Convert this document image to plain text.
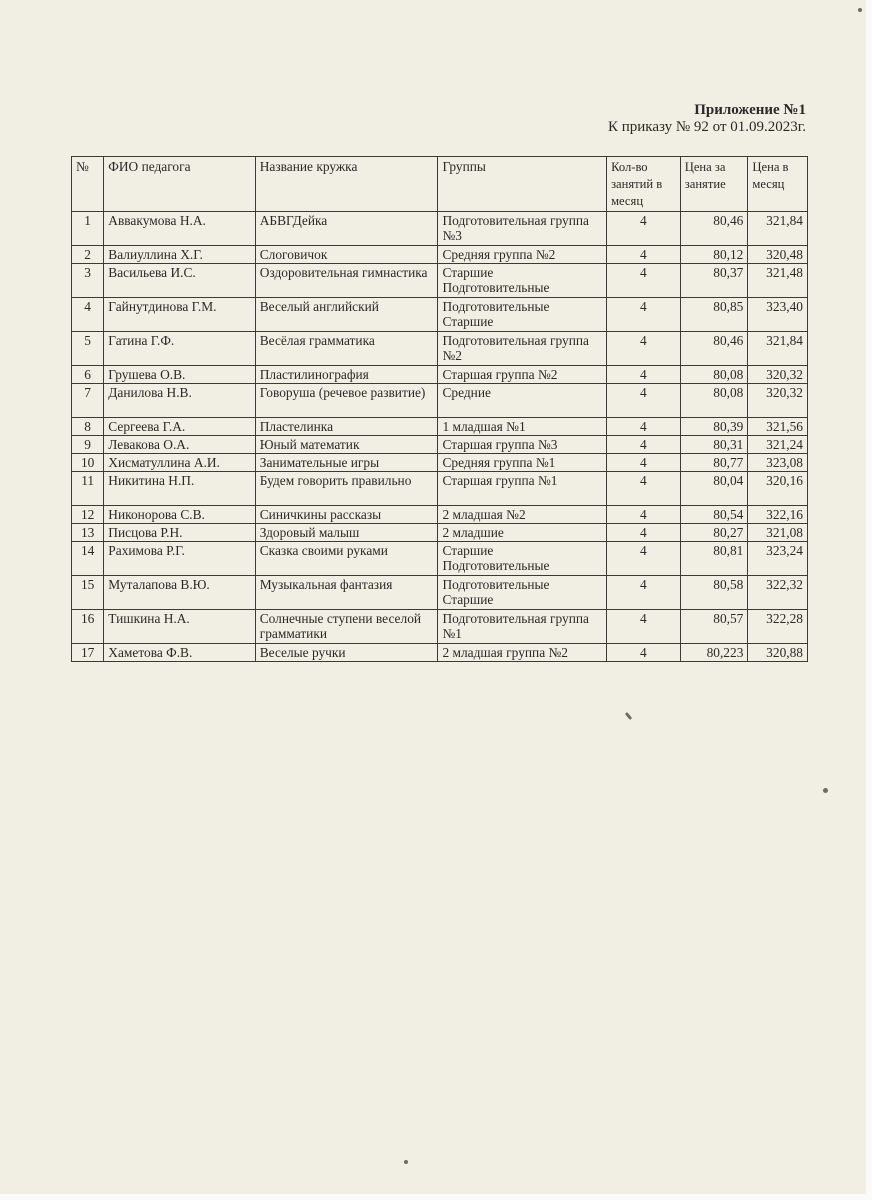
Приложение №1
К приказу № 92 от 01.09.2023г.
№	ФИО педагога	Название кружка	Группы	Кол-во занятий в месяц	Цена за занятие	Цена в месяц
1	Аввакумова Н.А.	АБВГДейка	Подготовительная группа №3	4	80,46	321,84
2	Валиуллина Х.Г.	Слоговичок	Средняя группа №2	4	80,12	320,48
3	Васильева И.С.	Оздоровительная гимнастика	Старшие Подготовительные	4	80,37	321,48
4	Гайнутдинова Г.М.	Веселый английский	Подготовительные Старшие	4	80,85	323,40
5	Гатина Г.Ф.	Весёлая грамматика	Подготовительная группа №2	4	80,46	321,84
6	Грушева О.В.	Пластилинография	Старшая группа №2	4	80,08	320,32
7	Данилова Н.В.	Говоруша (речевое развитие)	Средние	4	80,08	320,32
8	Сергеева Г.А.	Пластелинка	1 младшая №1	4	80,39	321,56
9	Левакова О.А.	Юный математик	Старшая группа №3	4	80,31	321,24
10	Хисматуллина А.И.	Занимательные игры	Средняя группа №1	4	80,77	323,08
11	Никитина Н.П.	Будем говорить правильно	Старшая группа №1	4	80,04	320,16
12	Никонорова С.В.	Синичкины рассказы	2 младшая №2	4	80,54	322,16
13	Писцова Р.Н.	Здоровый малыш	2 младшие	4	80,27	321,08
14	Рахимова Р.Г.	Сказка своими руками	Старшие Подготовительные	4	80,81	323,24
15	Муталапова В.Ю.	Музыкальная фантазия	Подготовительные Старшие	4	80,58	322,32
16	Тишкина Н.А.	Солнечные ступени веселой грамматики	Подготовительная группа №1	4	80,57	322,28
17	Хаметова Ф.В.	Веселые ручки	2 младшая группа №2	4	80,223	320,88
